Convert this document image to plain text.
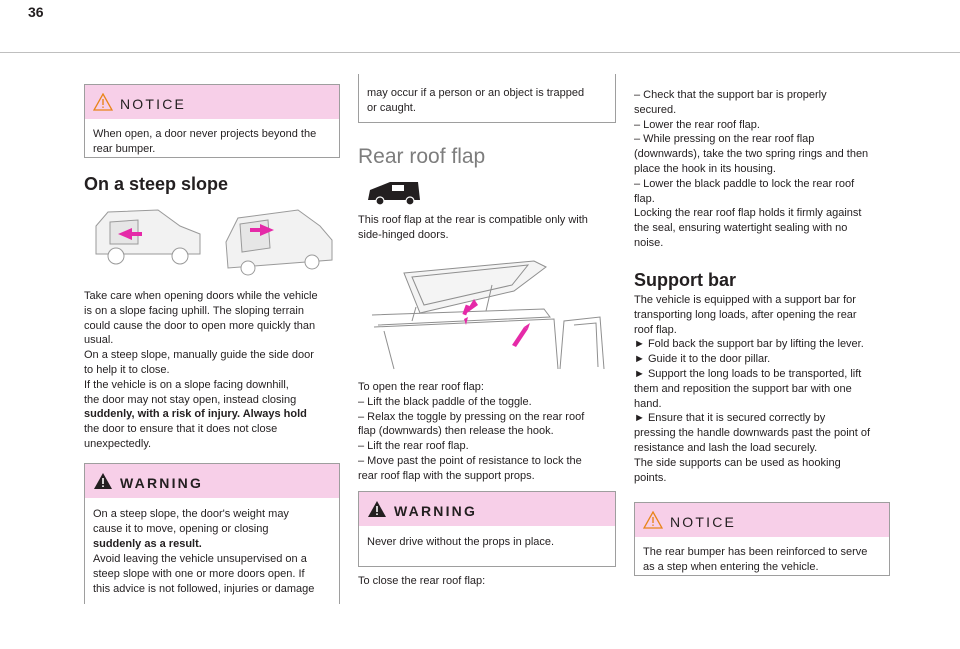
36
NOTICE
When open, a door never projects beyond the
rear bumper.
On a steep slope
Take care when opening doors while the vehicle
is on a slope facing uphill. The sloping terrain
could cause the door to open more quickly than
usual.
On a steep slope, manually guide the side door
to help it to close.
If the vehicle is on a slope facing downhill,
the door may not stay open, instead closing
suddenly, with a risk of injury. Always hold
the door to ensure that it does not close
unexpectedly.
WARNING
On a steep slope, the door's weight may
cause it to move, opening or closing
suddenly as a result.
Avoid leaving the vehicle unsupervised on a
steep slope with one or more doors open. If
this advice is not followed, injuries or damage
may occur if a person or an object is trapped
or caught.
Rear roof flap
This roof flap at the rear is compatible only with
side-hinged doors.
To open the rear roof flap:
– Lift the black paddle of the toggle.
– Relax the toggle by pressing on the rear roof
flap (downwards) then release the hook.
– Lift the rear roof flap.
– Move past the point of resistance to lock the
rear roof flap with the support props.
WARNING
Never drive without the props in place.
To close the rear roof flap:
– Check that the support bar is properly
secured.
– Lower the rear roof flap.
– While pressing on the rear roof flap
(downwards), take the two spring rings and then
place the hook in its housing.
– Lower the black paddle to lock the rear roof
flap.
Locking the rear roof flap holds it firmly against
the seal, ensuring watertight sealing with no
noise.
Support bar
The vehicle is equipped with a support bar for
transporting long loads, after opening the rear
roof flap.
► Fold back the support bar by lifting the lever.
► Guide it to the door pillar.
► Support the long loads to be transported, lift
them and reposition the support bar with one
hand.
► Ensure that it is secured correctly by
pressing the handle downwards past the point of
resistance and lash the load securely.
The side supports can be used as hooking
points.
NOTICE
The rear bumper has been reinforced to serve
as a step when entering the vehicle.
